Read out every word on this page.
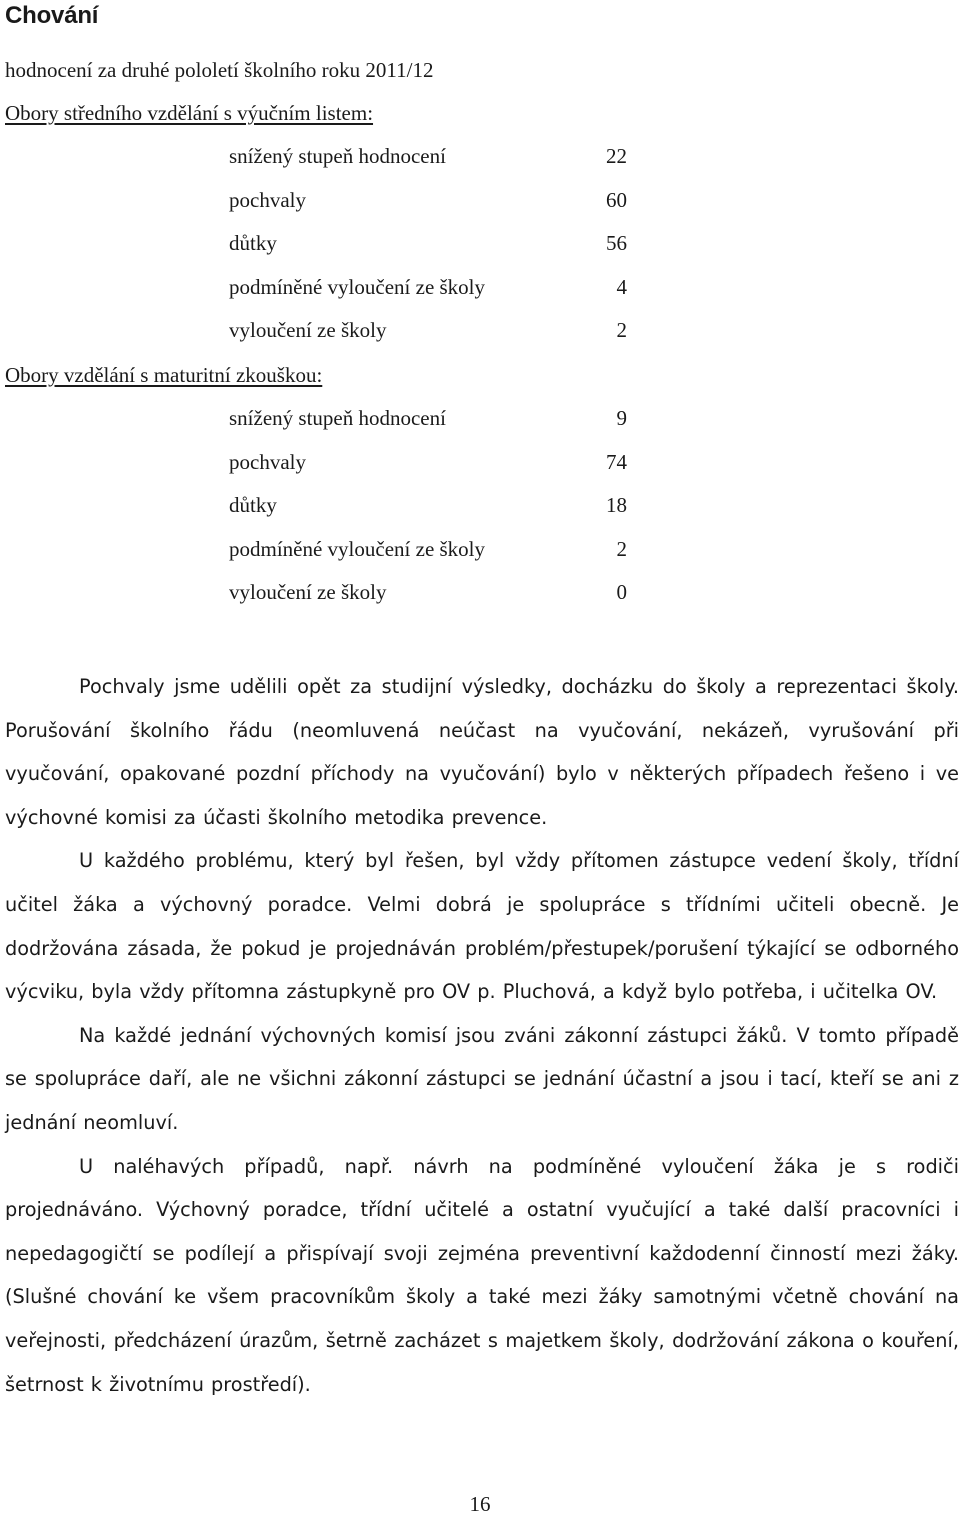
Chování
hodnocení za druhé pololetí školního roku 2011/12
Obory středního vzdělání s výučním listem:
snížený stupeň hodnocení	22
pochvaly	60
důtky	56
podmíněné vyloučení ze školy	4
vyloučení ze školy	2
Obory vzdělání s maturitní zkouškou:
snížený stupeň hodnocení	9
pochvaly	74
důtky	18
podmíněné vyloučení ze školy	2
vyloučení ze školy	0

Pochvaly jsme udělili opět za studijní výsledky, docházku do školy a reprezentaci školy. Porušování školního řádu (neomluvená neúčast na vyučování, nekázeň, vyrušování při vyučování, opakované pozdní příchody na vyučování) bylo v některých případech řešeno i ve výchovné komisi za účasti školního metodika prevence.

U každého problému, který byl řešen, byl vždy přítomen zástupce vedení školy, třídní učitel žáka a výchovný poradce. Velmi dobrá je spolupráce s třídními učiteli obecně. Je dodržována zásada, že pokud je projednáván problém/přestupek/porušení týkající se odborného výcviku, byla vždy přítomna zástupkyně pro OV p. Pluchová, a když bylo potřeba, i učitelka OV.

Na každé jednání výchovných komisí jsou zváni zákonní zástupci žáků. V tomto případě se spolupráce daří, ale ne všichni zákonní zástupci se jednání účastní a jsou i tací, kteří se ani z jednání neomluví.

U naléhavých případů, např. návrh na podmíněné vyloučení žáka je s rodiči projednáváno. Výchovný poradce, třídní učitelé a ostatní vyučující a také další pracovníci i nepedagogičtí se podílejí a přispívají svoji zejména preventivní každodenní činností mezi žáky. (Slušné chování ke všem pracovníkům školy a také mezi žáky samotnými včetně chování na veřejnosti, předcházení úrazům, šetrně zacházet s majetkem školy, dodržování zákona o kouření, šetrnost k životnímu prostředí).

16
